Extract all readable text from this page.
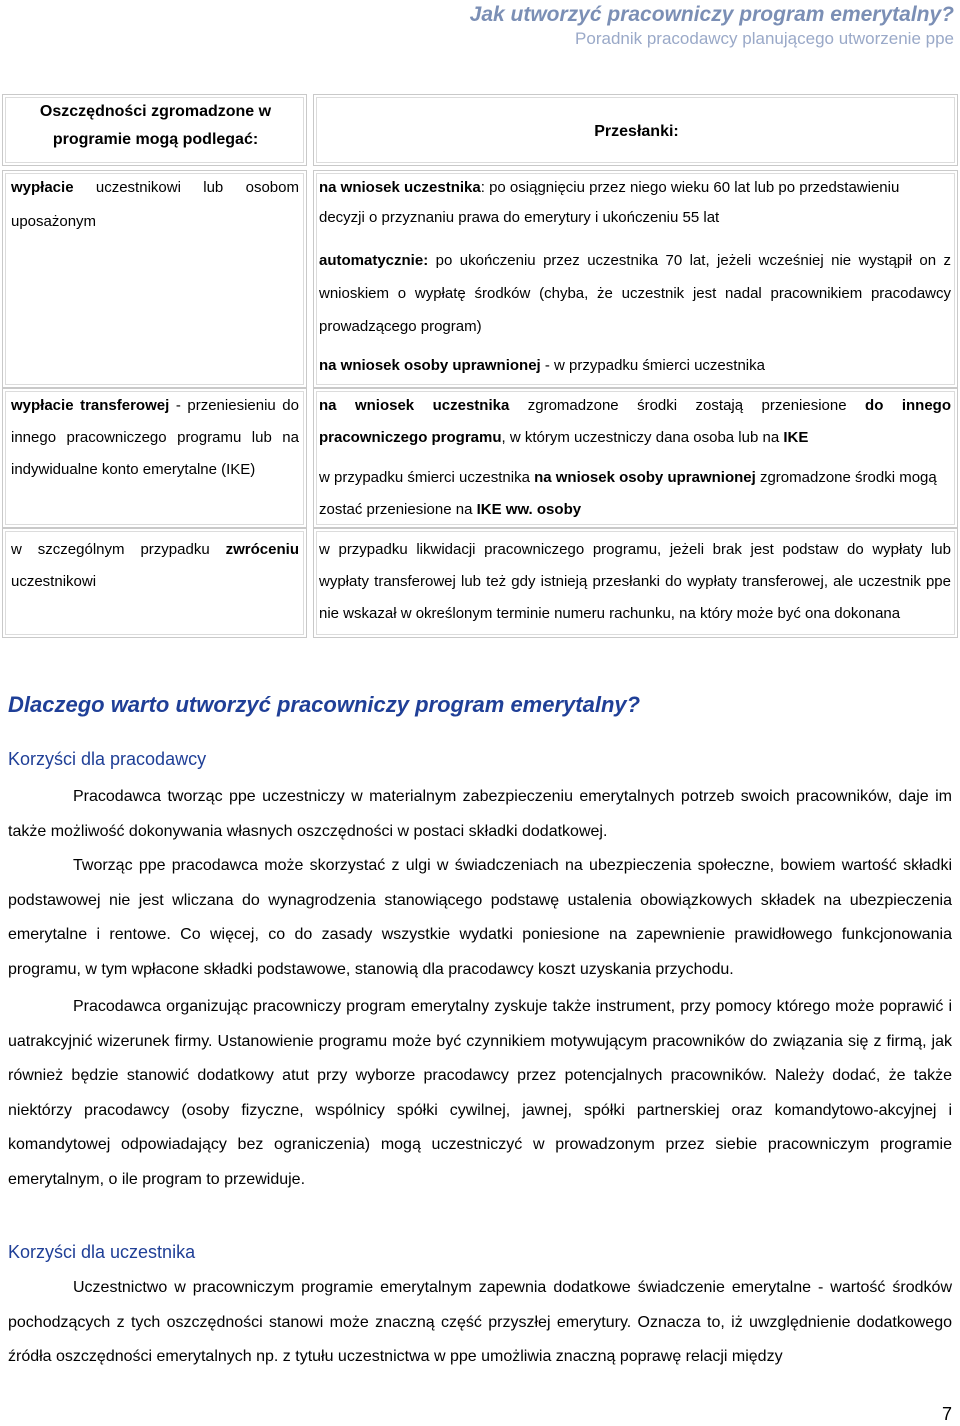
Jak utworzyć pracowniczy program emerytalny?
Poradnik pracodawcy planującego utworzenie ppe
Oszczędności zgromadzone w programie mogą podlegać:	Przesłanki:
wypłacie uczestnikowi lub osobom
uposażonym
na wniosek uczestnika: po osiągnięciu przez niego wieku 60 lat lub po przedstawieniu
decyzji o przyznaniu prawa do emerytury i ukończeniu 55 lat
automatycznie: po ukończeniu przez uczestnika 70 lat, jeżeli wcześniej nie wystąpił on z
wnioskiem o wypłatę środków (chyba, że uczestnik jest nadal pracownikiem pracodawcy
prowadzącego program)
na wniosek osoby uprawnionej - w przypadku śmierci uczestnika
wypłacie transferowej - przeniesieniu do
innego pracowniczego programu lub na
indywidualne konto emerytalne (IKE)
na wniosek uczestnika zgromadzone środki zostają przeniesione do innego
pracowniczego programu, w którym uczestniczy dana osoba lub na IKE
w przypadku śmierci uczestnika na wniosek osoby uprawnionej zgromadzone środki mogą
zostać przeniesione na IKE ww. osoby
w szczególnym przypadku zwróceniu
uczestnikowi
w przypadku likwidacji pracowniczego programu, jeżeli brak jest podstaw do wypłaty lub
wypłaty transferowej lub też gdy istnieją przesłanki do wypłaty transferowej, ale uczestnik ppe
nie wskazał w określonym terminie numeru rachunku, na który może być ona dokonana
Dlaczego warto utworzyć pracowniczy program emerytalny?
Korzyści dla pracodawcy
Pracodawca tworząc ppe uczestniczy w materialnym zabezpieczeniu emerytalnych potrzeb swoich pracowników, daje im także możliwość dokonywania własnych oszczędności w postaci składki dodatkowej.
Tworząc ppe pracodawca może skorzystać z ulgi w świadczeniach na ubezpieczenia społeczne, bowiem wartość składki podstawowej nie jest wliczana do wynagrodzenia stanowiącego podstawę ustalenia obowiązkowych składek na ubezpieczenia emerytalne i rentowe. Co więcej, co do zasady wszystkie wydatki poniesione na zapewnienie prawidłowego funkcjonowania programu, w tym wpłacone składki podstawowe, stanowią dla pracodawcy koszt uzyskania przychodu.
Pracodawca organizując pracowniczy program emerytalny zyskuje także instrument, przy pomocy którego może poprawić i uatrakcyjnić wizerunek firmy. Ustanowienie programu może być czynnikiem motywującym pracowników do związania się z firmą, jak również będzie stanowić dodatkowy atut przy wyborze pracodawcy przez potencjalnych pracowników. Należy dodać, że także niektórzy pracodawcy (osoby fizyczne, wspólnicy spółki cywilnej, jawnej, spółki partnerskiej oraz komandytowo-akcyjnej i komandytowej odpowiadający bez ograniczenia) mogą uczestniczyć w prowadzonym przez siebie pracowniczym programie emerytalnym, o ile program to przewiduje.
Korzyści dla uczestnika
Uczestnictwo w pracowniczym programie emerytalnym zapewnia dodatkowe świadczenie emerytalne - wartość środków pochodzących z tych oszczędności stanowi może znaczną część przyszłej emerytury. Oznacza to, iż uwzględnienie dodatkowego źródła oszczędności emerytalnych np. z tytułu uczestnictwa w ppe umożliwia znaczną poprawę relacji między
7
